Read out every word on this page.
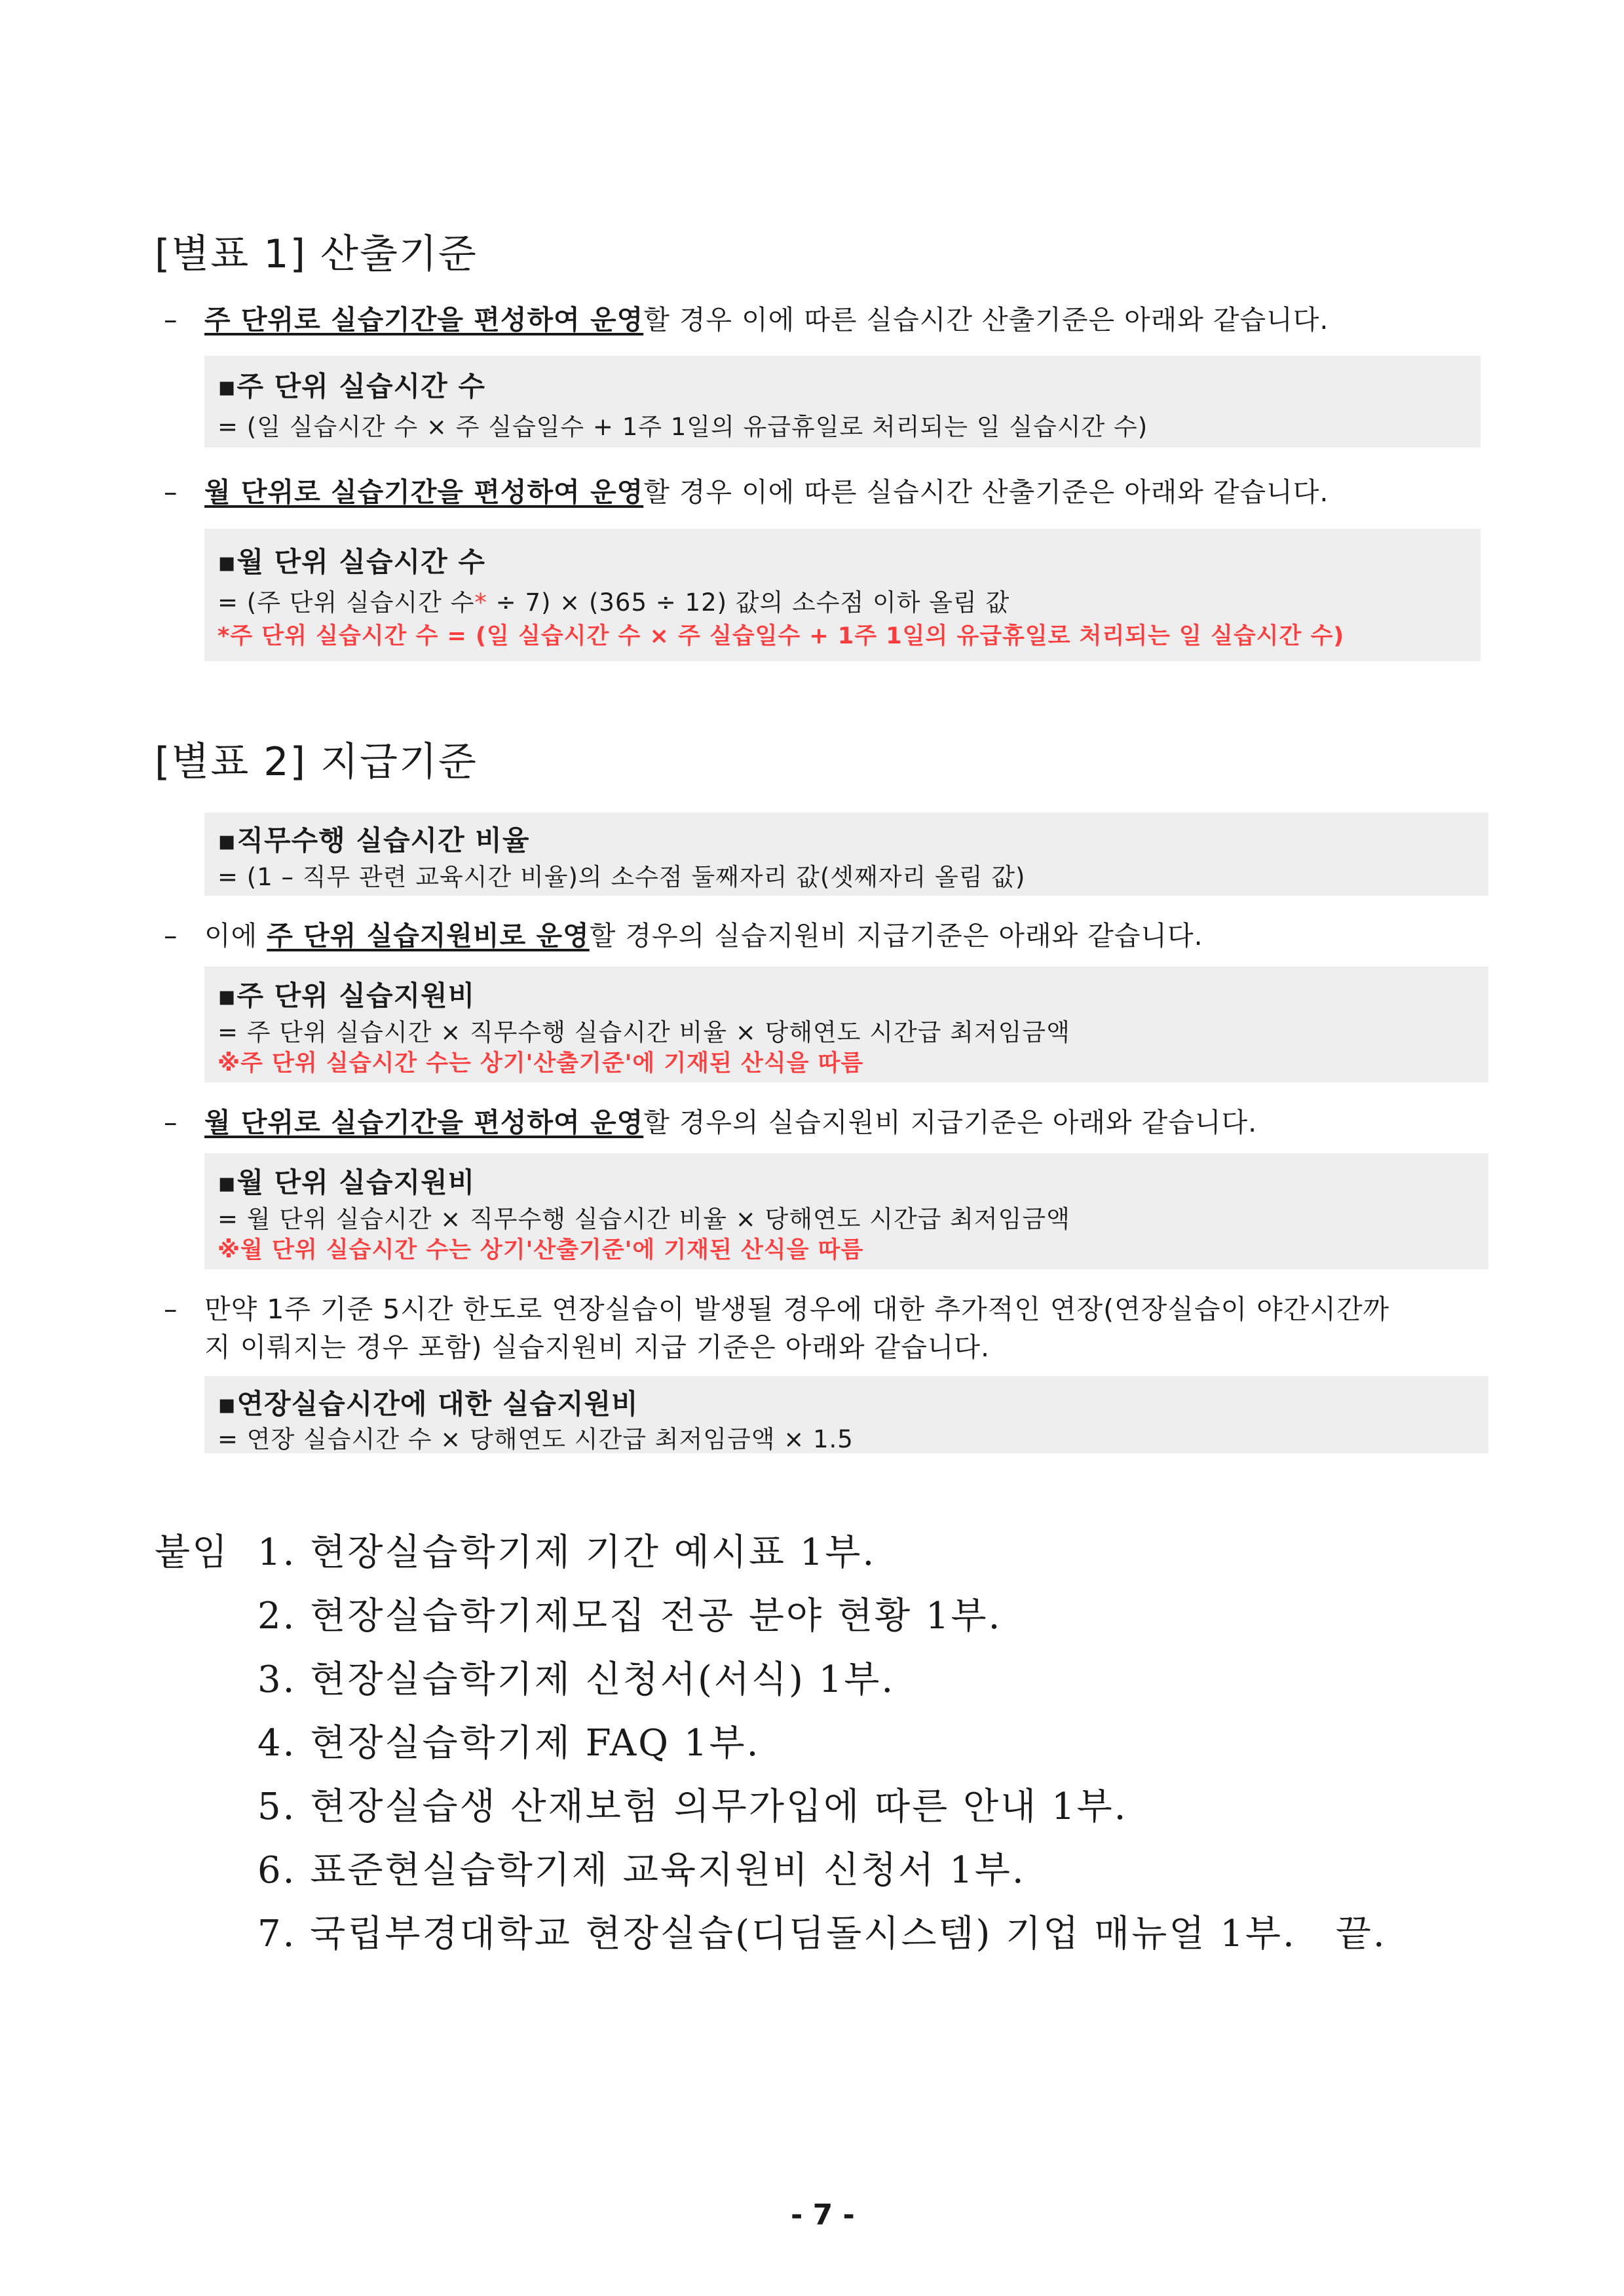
[별표 1] 산출기준
– 주 단위로 실습기간을 편성하여 운영할 경우 이에 따른 실습시간 산출기준은 아래와 같습니다.
▪주 단위 실습시간 수
= (일 실습시간 수 × 주 실습일수 + 1주 1일의 유급휴일로 처리되는 일 실습시간 수)
– 월 단위로 실습기간을 편성하여 운영할 경우 이에 따른 실습시간 산출기준은 아래와 같습니다.
▪월 단위 실습시간 수
= (주 단위 실습시간 수* ÷ 7) × (365 ÷ 12) 값의 소수점 이하 올림 값
*주 단위 실습시간 수 = (일 실습시간 수 × 주 실습일수 + 1주 1일의 유급휴일로 처리되는 일 실습시간 수)
[별표 2] 지급기준
▪직무수행 실습시간 비율
= (1 – 직무 관련 교육시간 비율)의 소수점 둘째자리 값(셋째자리 올림 값)
– 이에 주 단위 실습지원비로 운영할 경우의 실습지원비 지급기준은 아래와 같습니다.
▪주 단위 실습지원비
= 주 단위 실습시간 × 직무수행 실습시간 비율 × 당해연도 시간급 최저임금액
※주 단위 실습시간 수는 상기'산출기준'에 기재된 산식을 따름
– 월 단위로 실습기간을 편성하여 운영할 경우의 실습지원비 지급기준은 아래와 같습니다.
▪월 단위 실습지원비
= 월 단위 실습시간 × 직무수행 실습시간 비율 × 당해연도 시간급 최저임금액
※월 단위 실습시간 수는 상기'산출기준'에 기재된 산식을 따름
– 만약 1주 기준 5시간 한도로 연장실습이 발생될 경우에 대한 추가적인 연장(연장실습이 야간시간까
지 이뤄지는 경우 포함) 실습지원비 지급 기준은 아래와 같습니다.
▪연장실습시간에 대한 실습지원비
= 연장 실습시간 수 × 당해연도 시간급 최저임금액 × 1.5
붙임 1. 현장실습학기제 기간 예시표 1부.
2. 현장실습학기제모집 전공 분야 현황 1부.
3. 현장실습학기제 신청서(서식) 1부.
4. 현장실습학기제 FAQ 1부.
5. 현장실습생 산재보험 의무가입에 따른 안내 1부.
6. 표준현실습학기제 교육지원비 신청서 1부.
7. 국립부경대학교 현장실습(디딤돌시스템) 기업 매뉴얼 1부. 끝.
- 7 -
